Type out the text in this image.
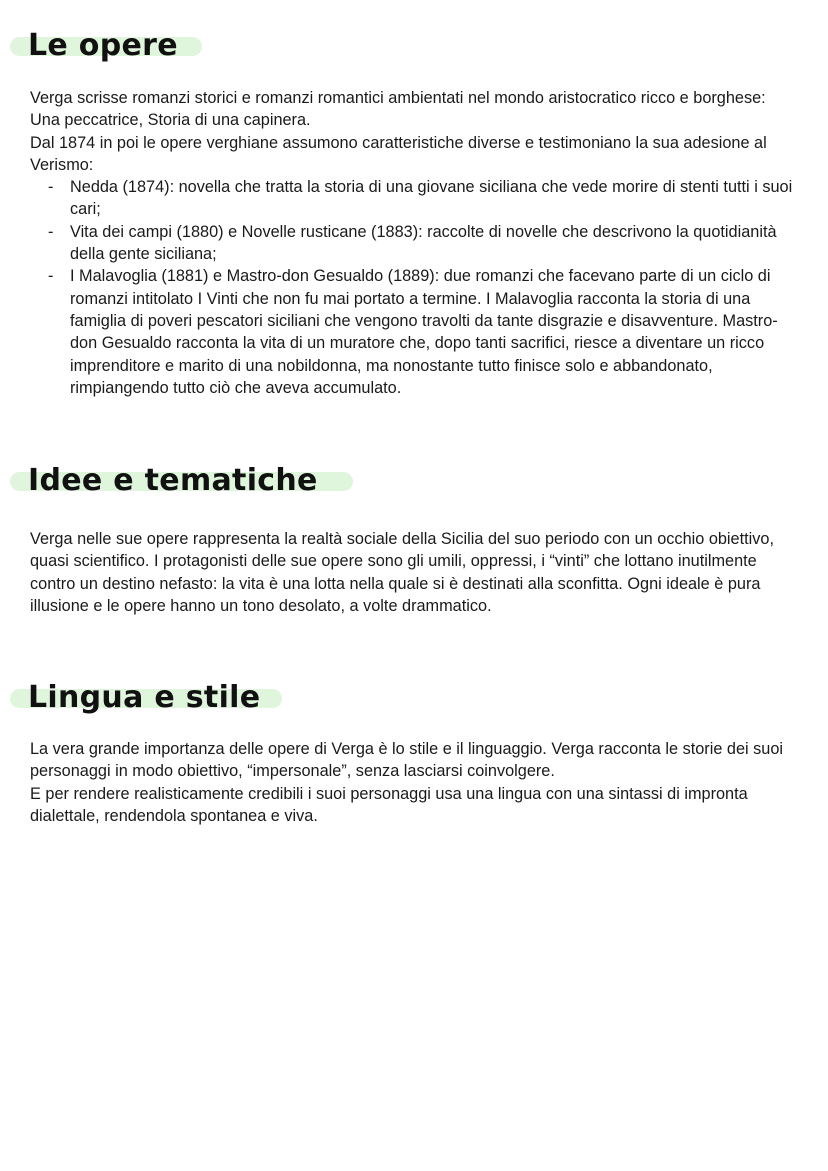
Le opere

Verga scrisse romanzi storici e romanzi romantici ambientati nel mondo aristocratico ricco e borghese: Una peccatrice, Storia di una capinera.

Dal 1874 in poi le opere verghiane assumono caratteristiche diverse e testimoniano la sua adesione al Verismo:

- Nedda (1874): novella che tratta la storia di una giovane siciliana che vede morire di stenti tutti i suoi cari;
- Vita dei campi (1880) e Novelle rusticane (1883): raccolte di novelle che descrivono la quotidianità della gente siciliana;
- I Malavoglia (1881) e Mastro-don Gesualdo (1889): due romanzi che facevano parte di un ciclo di romanzi intitolato I Vinti che non fu mai portato a termine. I Malavoglia racconta la storia di una famiglia di poveri pescatori siciliani che vengono travolti da tante disgrazie e disavventure. Mastro-don Gesualdo racconta la vita di un muratore che, dopo tanti sacrifici, riesce a diventare un ricco imprenditore e marito di una nobildonna, ma nonostante tutto finisce solo e abbandonato, rimpiangendo tutto ciò che aveva accumulato.
Idee e tematiche

Verga nelle sue opere rappresenta la realtà sociale della Sicilia del suo periodo con un occhio obiettivo, quasi scientifico. I protagonisti delle sue opere sono gli umili, oppressi, i “vinti” che lottano inutilmente contro un destino nefasto: la vita è una lotta nella quale si è destinati alla sconfitta. Ogni ideale è pura illusione e le opere hanno un tono desolato, a volte drammatico.

Lingua e stile

La vera grande importanza delle opere di Verga è lo stile e il linguaggio. Verga racconta le storie dei suoi personaggi in modo obiettivo, “impersonale”, senza lasciarsi coinvolgere.

E per rendere realisticamente credibili i suoi personaggi usa una lingua con una sintassi di impronta dialettale, rendendola spontanea e viva.
